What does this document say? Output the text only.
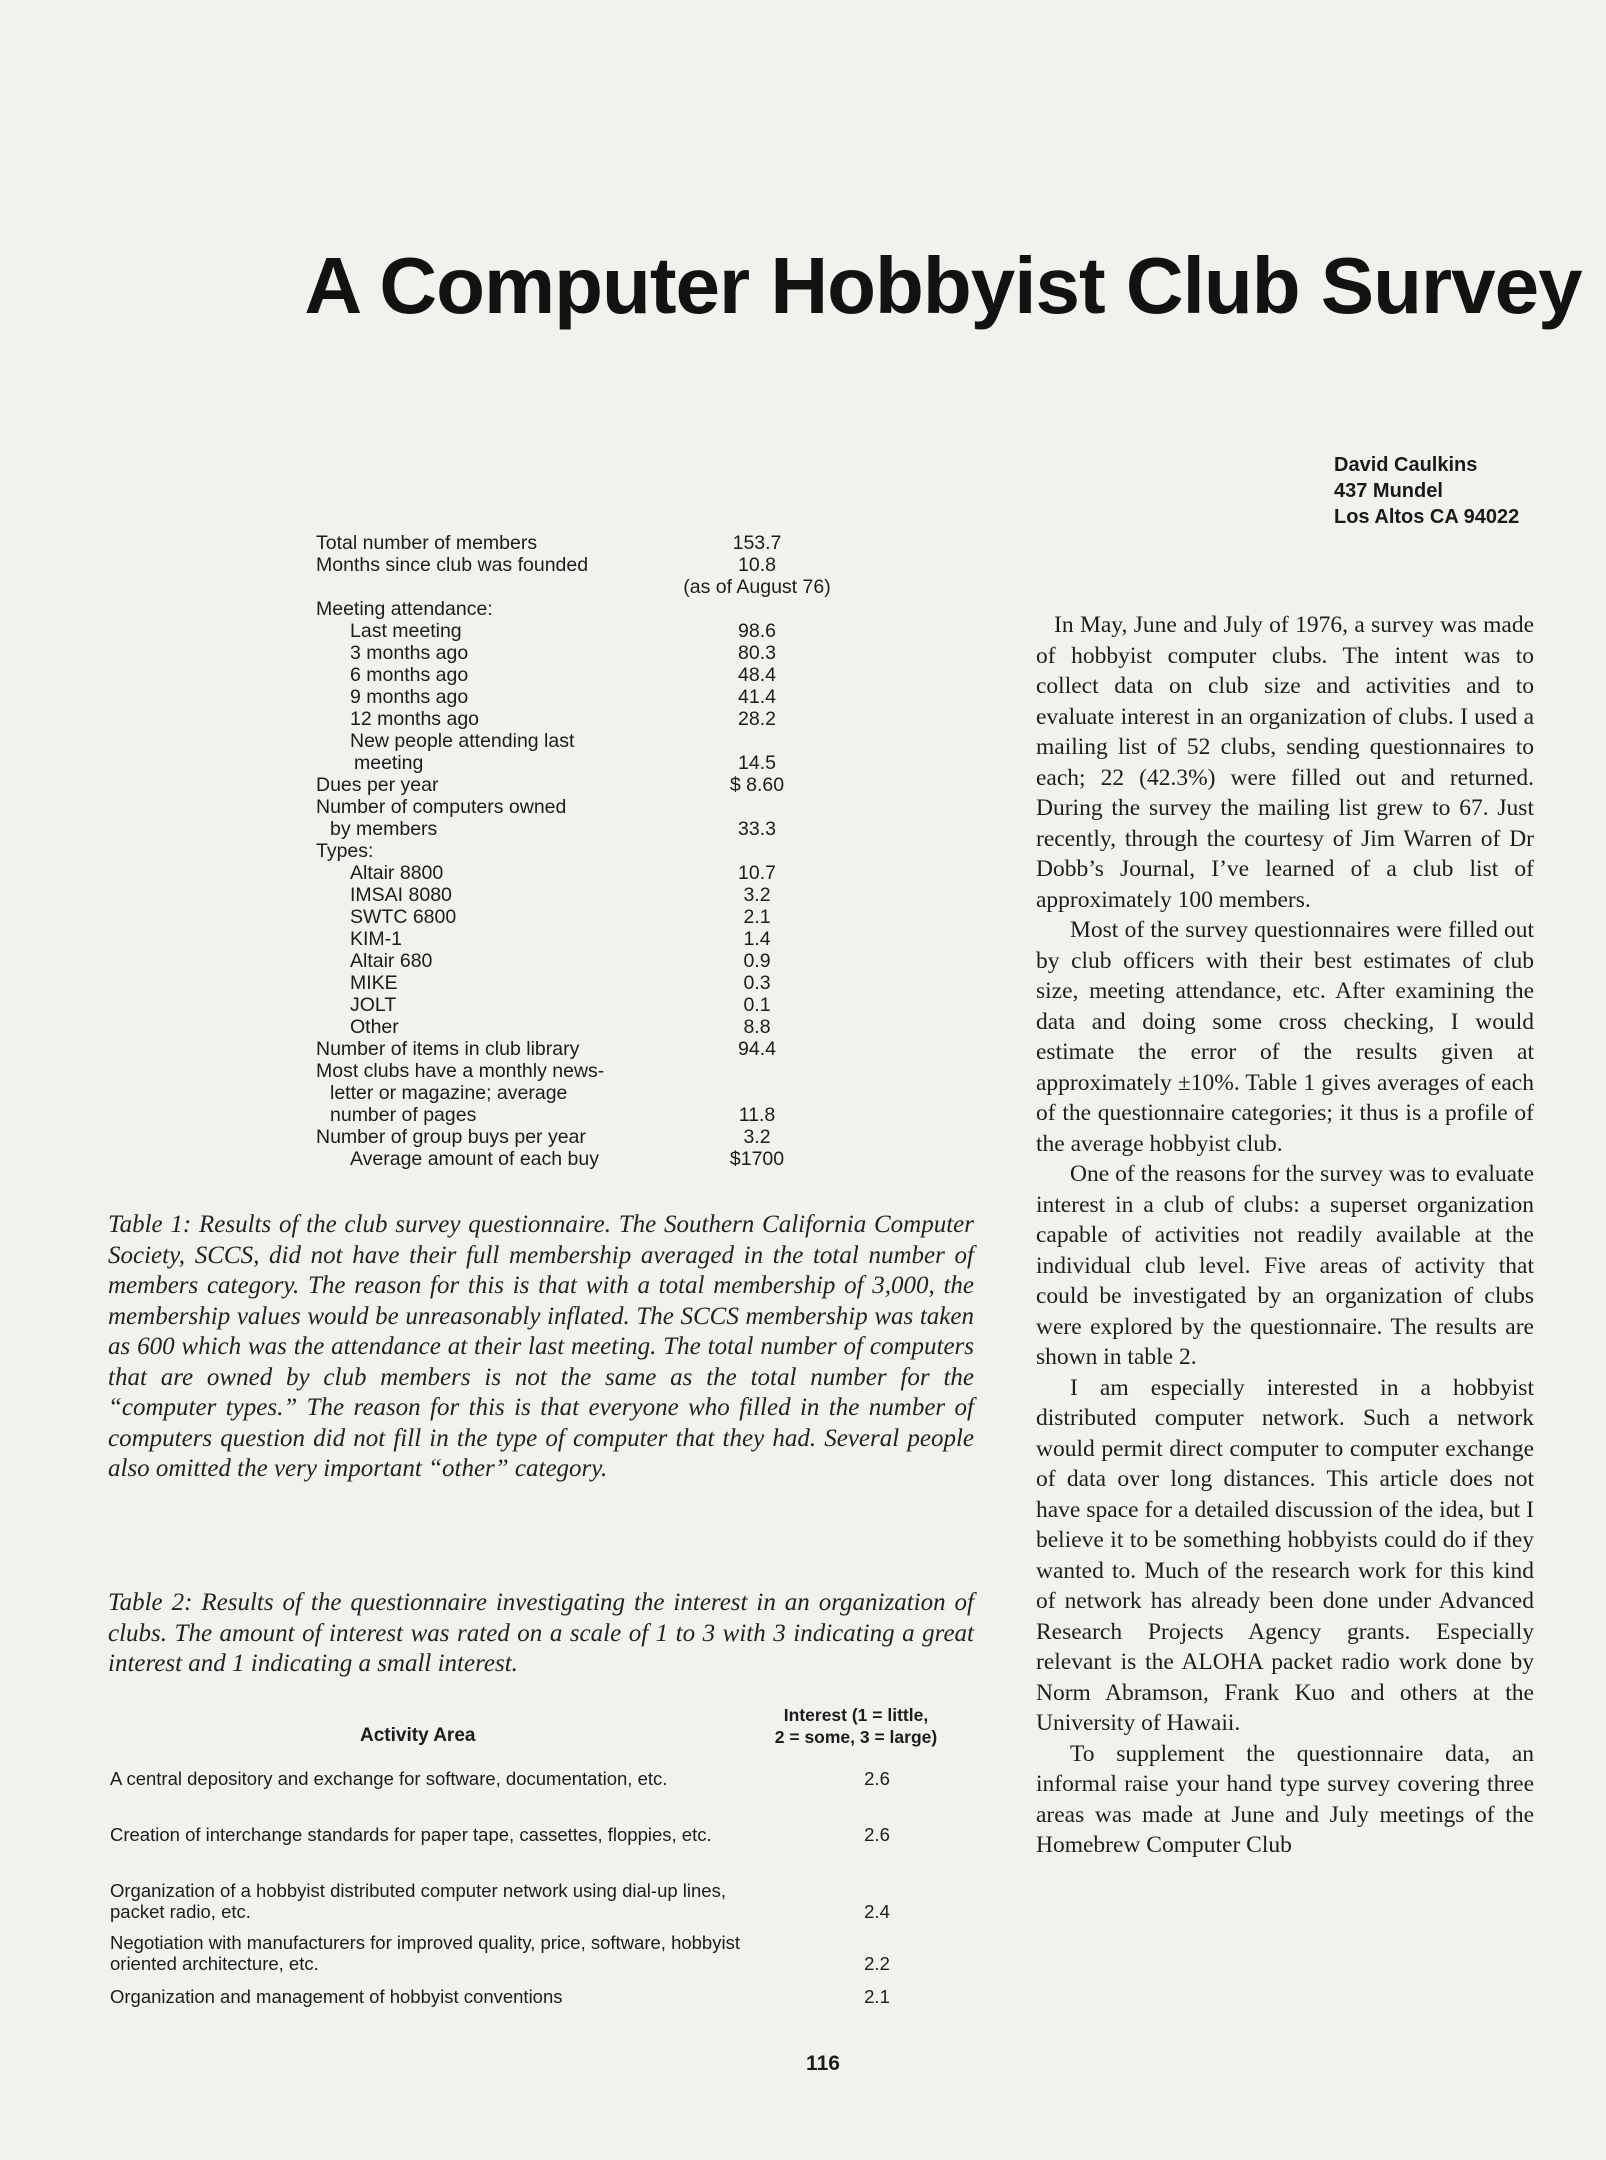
A Computer Hobbyist Club Survey
David Caulkins
437 Mundel
Los Altos CA 94022
Total number of members	153.7
Months since club was founded	10.8
(as of August 76)
Meeting attendance:
Last meeting	98.6
3 months ago	80.3
6 months ago	48.4
9 months ago	41.4
12 months ago	28.2
New people attending last
meeting	14.5
Dues per year	$ 8.60
Number of computers owned
by members	33.3
Types:
Altair 8800	10.7
IMSAI 8080	3.2
SWTC 6800	2.1
KIM-1	1.4
Altair 680	0.9
MIKE	0.3
JOLT	0.1
Other	8.8
Number of items in club library	94.4
Most clubs have a monthly news-
letter or magazine; average
number of pages	11.8
Number of group buys per year	3.2
Average amount of each buy	$1700
Table 1: Results of the club survey questionnaire. The Southern California Computer Society, SCCS, did not have their full membership averaged in the total number of members category. The reason for this is that with a total membership of 3,000, the membership values would be unreasonably inflated. The SCCS membership was taken as 600 which was the attendance at their last meeting. The total number of computers that are owned by club members is not the same as the total number for the “computer types.” The reason for this is that everyone who filled in the number of computers question did not fill in the type of computer that they had. Several people also omitted the very important “other” category.
Table 2: Results of the questionnaire investigating the interest in an organization of clubs. The amount of interest was rated on a scale of 1 to 3 with 3 indicating a great interest and 1 indicating a small interest.
Activity Area
Interest (1 = little,
2 = some, 3 = large)
A central depository and exchange for software, documentation, etc.	2.6
Creation of interchange standards for paper tape, cassettes, floppies, etc.	2.6
Organization of a hobbyist distributed computer network using dial-up lines, packet radio, etc.	2.4
Negotiation with manufacturers for improved quality, price, software, hobbyist oriented architecture, etc.	2.2
Organization and management of hobbyist conventions	2.1

In May, June and July of 1976, a survey was made of hobbyist computer clubs. The intent was to collect data on club size and activities and to evaluate interest in an organization of clubs. I used a mailing list of 52 clubs, sending questionnaires to each; 22 (42.3%) were filled out and returned. During the survey the mailing list grew to 67. Just recently, through the courtesy of Jim Warren of Dr Dobb’s Journal, I’ve learned of a club list of approximately 100 members.

Most of the survey questionnaires were filled out by club officers with their best estimates of club size, meeting attendance, etc. After examining the data and doing some cross checking, I would estimate the error of the results given at approximately ±10%. Table 1 gives averages of each of the questionnaire categories; it thus is a profile of the average hobbyist club.

One of the reasons for the survey was to evaluate interest in a club of clubs: a superset organization capable of activities not readily available at the individual club level. Five areas of activity that could be investigated by an organization of clubs were explored by the questionnaire. The results are shown in table 2.

I am especially interested in a hobbyist distributed computer network. Such a network would permit direct computer to computer exchange of data over long distances. This article does not have space for a detailed discussion of the idea, but I believe it to be something hobbyists could do if they wanted to. Much of the research work for this kind of network has already been done under Advanced Research Projects Agency grants. Especially relevant is the ALOHA packet radio work done by Norm Abramson, Frank Kuo and others at the University of Hawaii.

To supplement the questionnaire data, an informal raise your hand type survey covering three areas was made at June and July meetings of the Homebrew Computer Club

116
